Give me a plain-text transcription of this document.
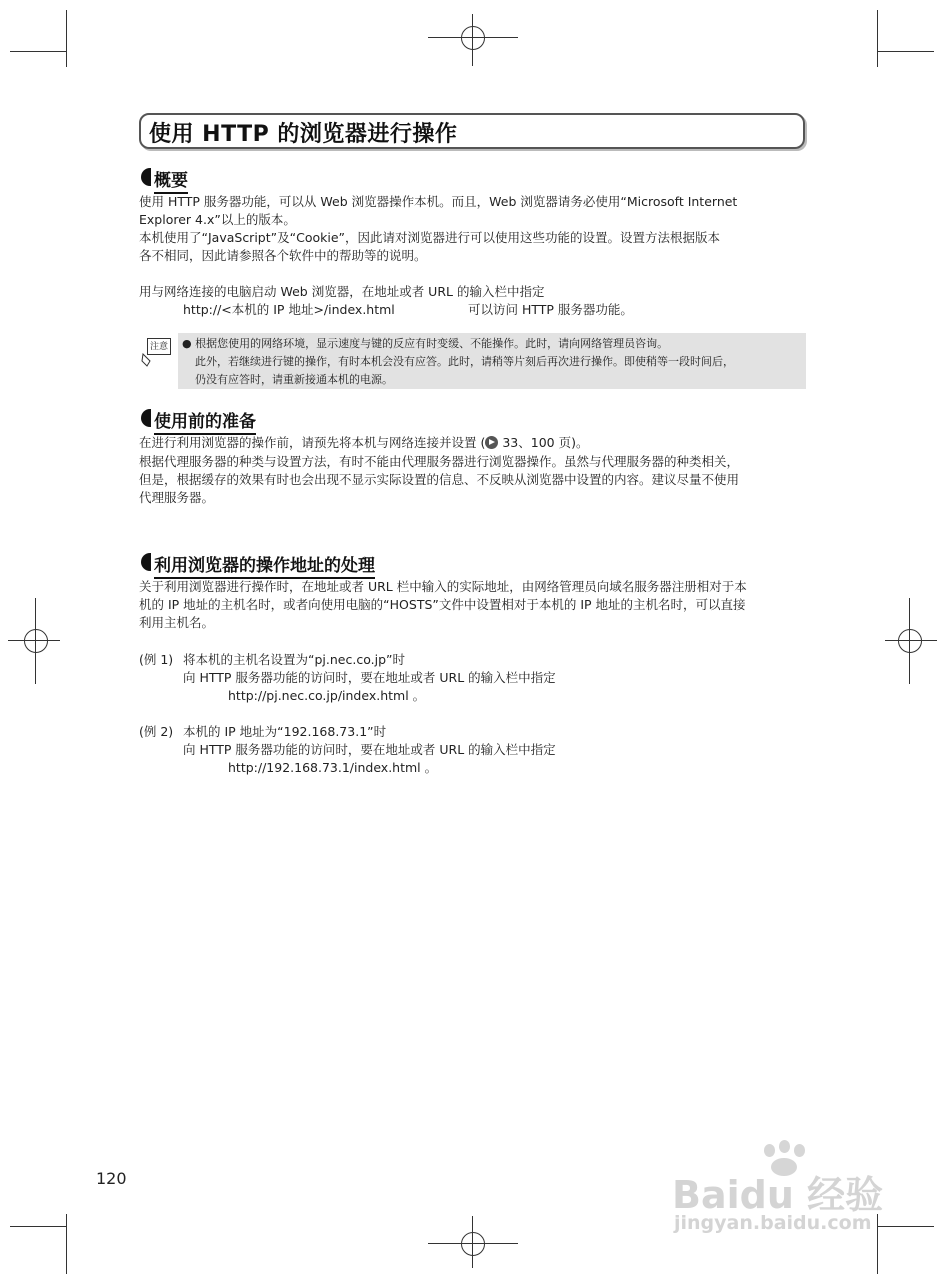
使用 HTTP 的浏览器进行操作
概要
使用 HTTP 服务器功能，可以从 Web 浏览器操作本机。而且，Web 浏览器请务必使用“Microsoft Internet
Explorer 4.x”以上的版本。
本机使用了“JavaScript”及“Cookie”，因此请对浏览器进行可以使用这些功能的设置。设置方法根据版本
各不相同，因此请参照各个软件中的帮助等的说明。
用与网络连接的电脑启动 Web 浏览器，在地址或者 URL 的输入栏中指定
http://<本机的 IP 地址>/index.html	可以访问 HTTP 服务器功能。
注意 ● 根据您使用的网络环境，显示速度与键的反应有时变缓、不能操作。此时，请向网络管理员咨询。
此外，若继续进行键的操作，有时本机会没有应答。此时，请稍等片刻后再次进行操作。即使稍等一段时间后，
仍没有应答时，请重新接通本机的电源。
使用前的准备
在进行利用浏览器的操作前，请预先将本机与网络连接并设置 ( 33、100 页)。
根据代理服务器的种类与设置方法，有时不能由代理服务器进行浏览器操作。虽然与代理服务器的种类相关，
但是，根据缓存的效果有时也会出现不显示实际设置的信息、不反映从浏览器中设置的内容。建议尽量不使用
代理服务器。
利用浏览器的操作地址的处理
关于利用浏览器进行操作时，在地址或者 URL 栏中输入的实际地址，由网络管理员向域名服务器注册相对于本
机的 IP 地址的主机名时，或者向使用电脑的“HOSTS”文件中设置相对于本机的 IP 地址的主机名时，可以直接
利用主机名。
(例 1) 将本机的主机名设置为“pj.nec.co.jp”时
向 HTTP 服务器功能的访问时，要在地址或者 URL 的输入栏中指定
http://pj.nec.co.jp/index.html 。
(例 2) 本机的 IP 地址为“192.168.73.1”时
向 HTTP 服务器功能的访问时，要在地址或者 URL 的输入栏中指定
http://192.168.73.1/index.html 。
120	Baidu 经验
jingyan.baidu.com
